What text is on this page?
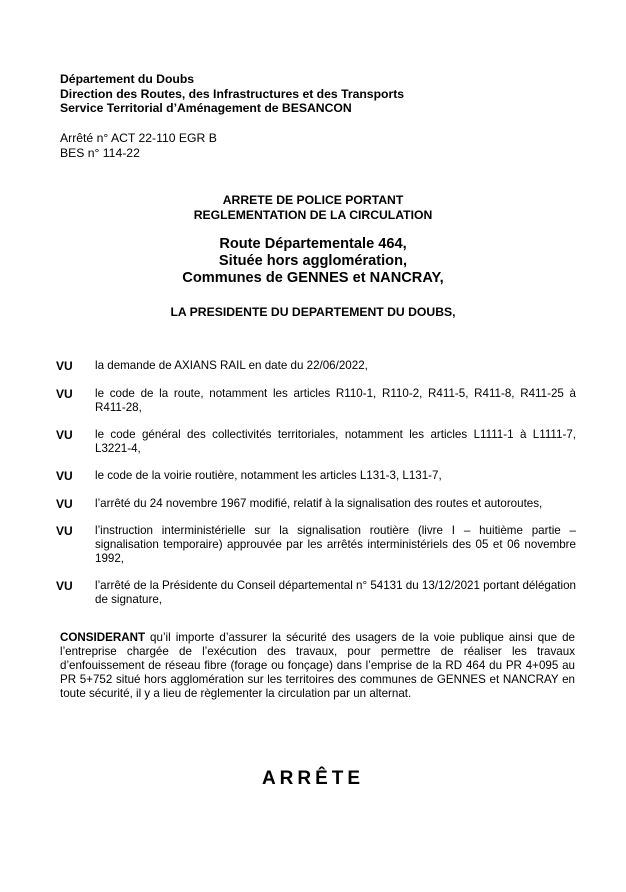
Département du Doubs
Direction des Routes, des Infrastructures et des Transports
Service Territorial d’Aménagement de BESANCON
Arrêté n° ACT 22-110 EGR B
BES n° 114-22
ARRETE DE POLICE PORTANT
REGLEMENTATION DE LA CIRCULATION
Route Départementale 464,
Située hors agglomération,
Communes de GENNES et NANCRAY,
LA PRESIDENTE DU DEPARTEMENT DU DOUBS,
VU la demande de AXIANS RAIL en date du 22/06/2022,
VU le code de la route, notamment les articles R110-1, R110-2, R411-5, R411-8, R411-25 à R411-28,
VU le code général des collectivités territoriales, notamment les articles L1111-1 à L1111-7, L3221-4,
VU le code de la voirie routière, notamment les articles L131-3, L131-7,
VU l’arrêté du 24 novembre 1967 modifié, relatif à la signalisation des routes et autoroutes,
VU l’instruction interministérielle sur la signalisation routière (livre I – huitième partie – signalisation temporaire) approuvée par les arrêtés interministériels des 05 et 06 novembre 1992,
VU l’arrêté de la Présidente du Conseil départemental n° 54131 du 13/12/2021 portant délégation de signature,
CONSIDERANT qu’il importe d’assurer la sécurité des usagers de la voie publique ainsi que de l’entreprise chargée de l’exécution des travaux, pour permettre de réaliser les travaux d’enfouissement de réseau fibre (forage ou fonçage) dans l’emprise de la RD 464 du PR 4+095 au PR 5+752 situé hors agglomération sur les territoires des communes de GENNES et NANCRAY en toute sécurité, il y a lieu de règlementer la circulation par un alternat.
ARRÊTE
